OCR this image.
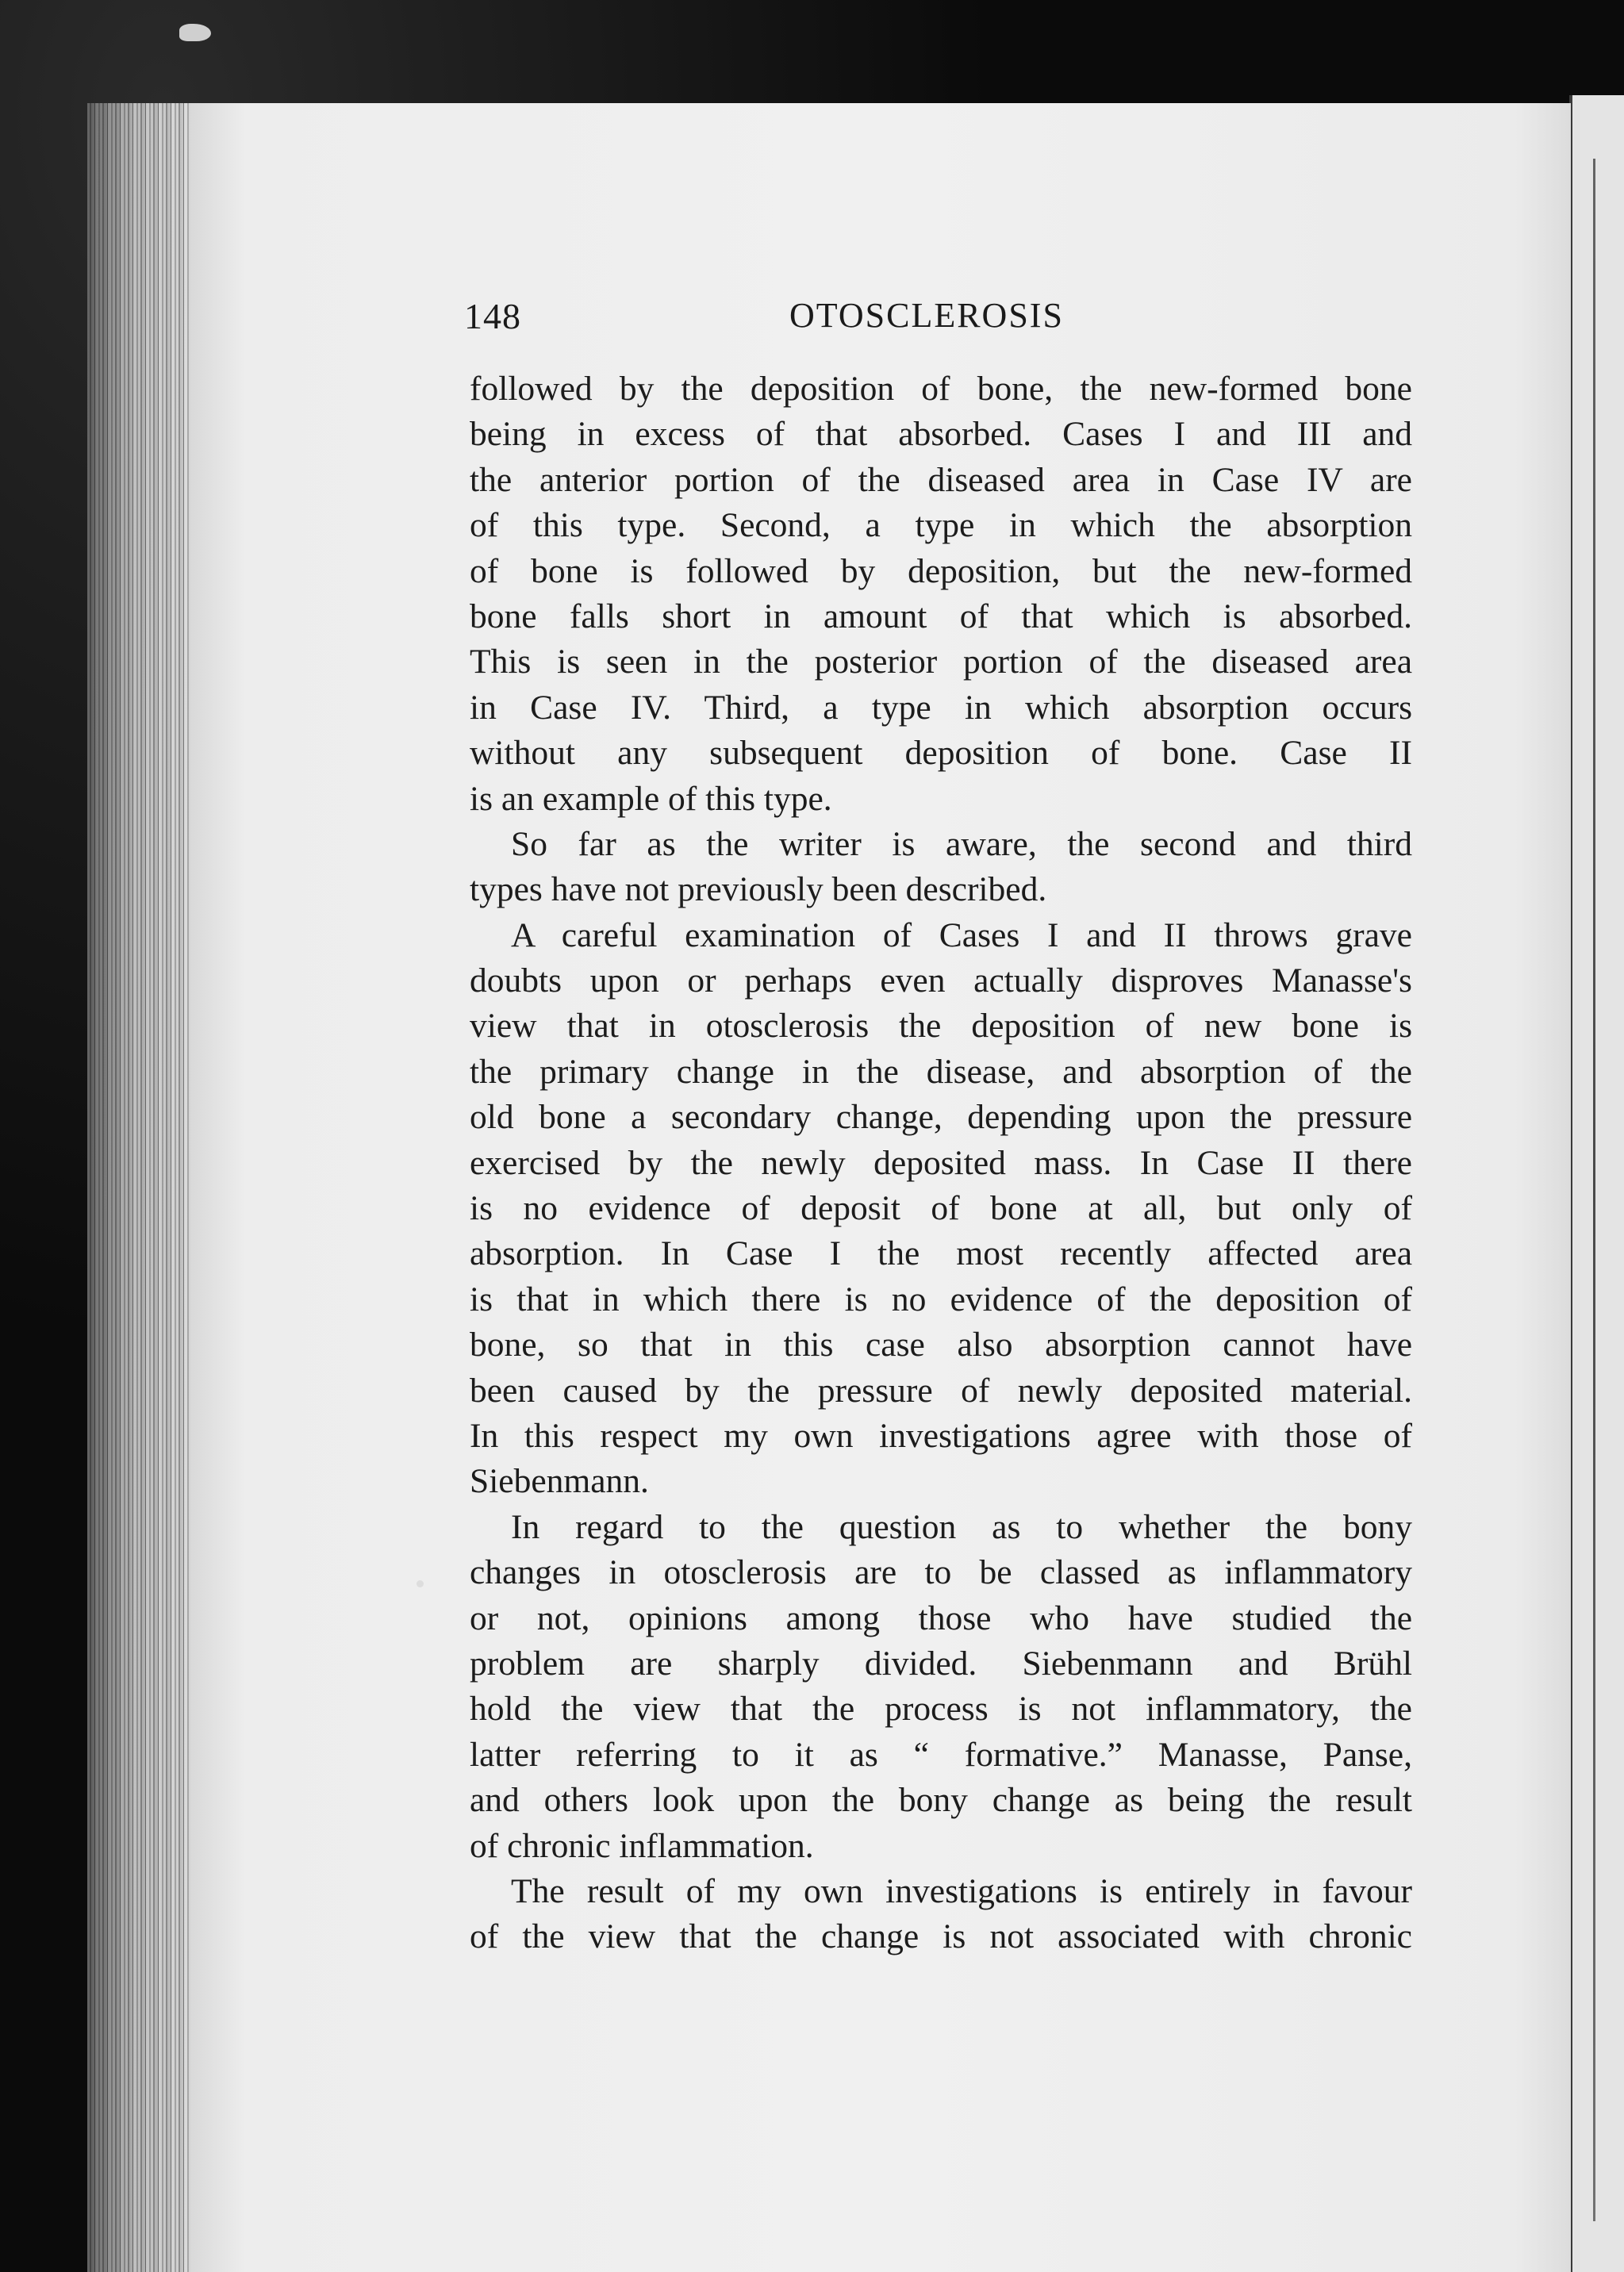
148	OTOSCLEROSIS
followed by the deposition of bone, the new-formed bone
being in excess of that absorbed. Cases I and III and
the anterior portion of the diseased area in Case IV are
of this type. Second, a type in which the absorption
of bone is followed by deposition, but the new-formed
bone falls short in amount of that which is absorbed.
This is seen in the posterior portion of the diseased area
in Case IV. Third, a type in which absorption occurs
without any subsequent deposition of bone. Case II
is an example of this type.
So far as the writer is aware, the second and third
types have not previously been described.
A careful examination of Cases I and II throws grave
doubts upon or perhaps even actually disproves Manasse's
view that in otosclerosis the deposition of new bone is
the primary change in the disease, and absorption of the
old bone a secondary change, depending upon the pressure
exercised by the newly deposited mass. In Case II there
is no evidence of deposit of bone at all, but only of
absorption. In Case I the most recently affected area
is that in which there is no evidence of the deposition of
bone, so that in this case also absorption cannot have
been caused by the pressure of newly deposited material.
In this respect my own investigations agree with those of
Siebenmann.
In regard to the question as to whether the bony
changes in otosclerosis are to be classed as inflammatory
or not, opinions among those who have studied the
problem are sharply divided. Siebenmann and Brühl
hold the view that the process is not inflammatory, the
latter referring to it as “ formative.” Manasse, Panse,
and others look upon the bony change as being the result
of chronic inflammation.
The result of my own investigations is entirely in favour
of the view that the change is not associated with chronic
